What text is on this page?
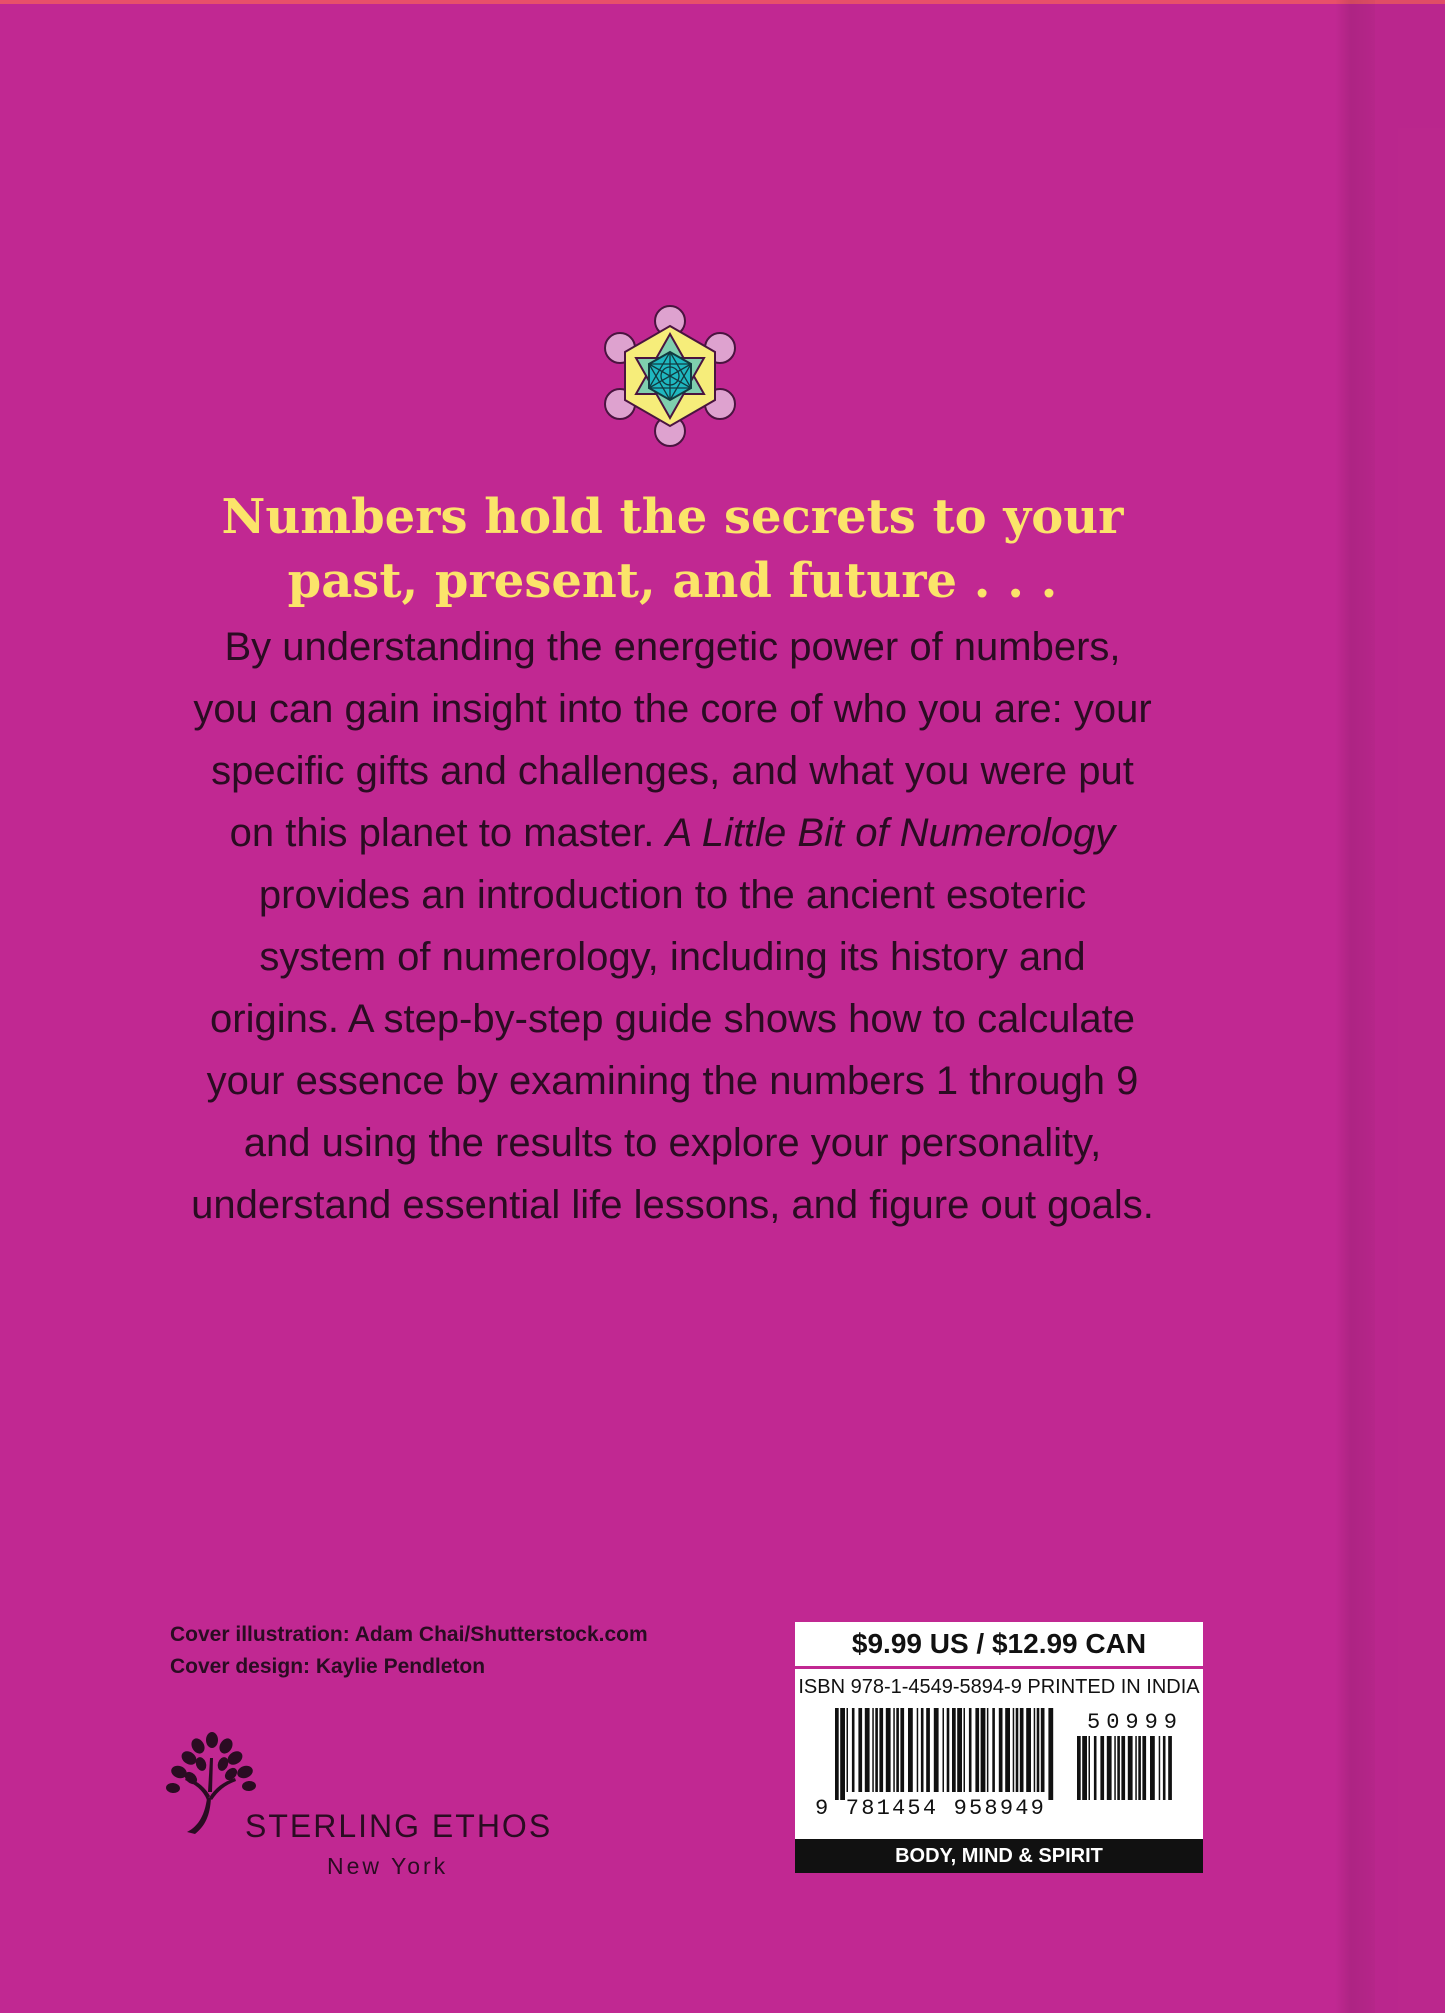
Numbers hold the secrets to your
past, present, and future . . .
By understanding the energetic power of numbers,
you can gain insight into the core of who you are: your
specific gifts and challenges, and what you were put
on this planet to master. A Little Bit of Numerology
provides an introduction to the ancient esoteric
system of numerology, including its history and
origins. A step-by-step guide shows how to calculate
your essence by examining the numbers 1 through 9
and using the results to explore your personality,
understand essential life lessons, and figure out goals.
Cover illustration: Adam Chai/Shutterstock.com
Cover design: Kaylie Pendleton
STERLING ETHOS
New York
$9.99 US / $12.99 CAN
ISBN 978-1-4549-5894-9 PRINTED IN INDIA
50999
9 781454 958949
BODY, MIND & SPIRIT
